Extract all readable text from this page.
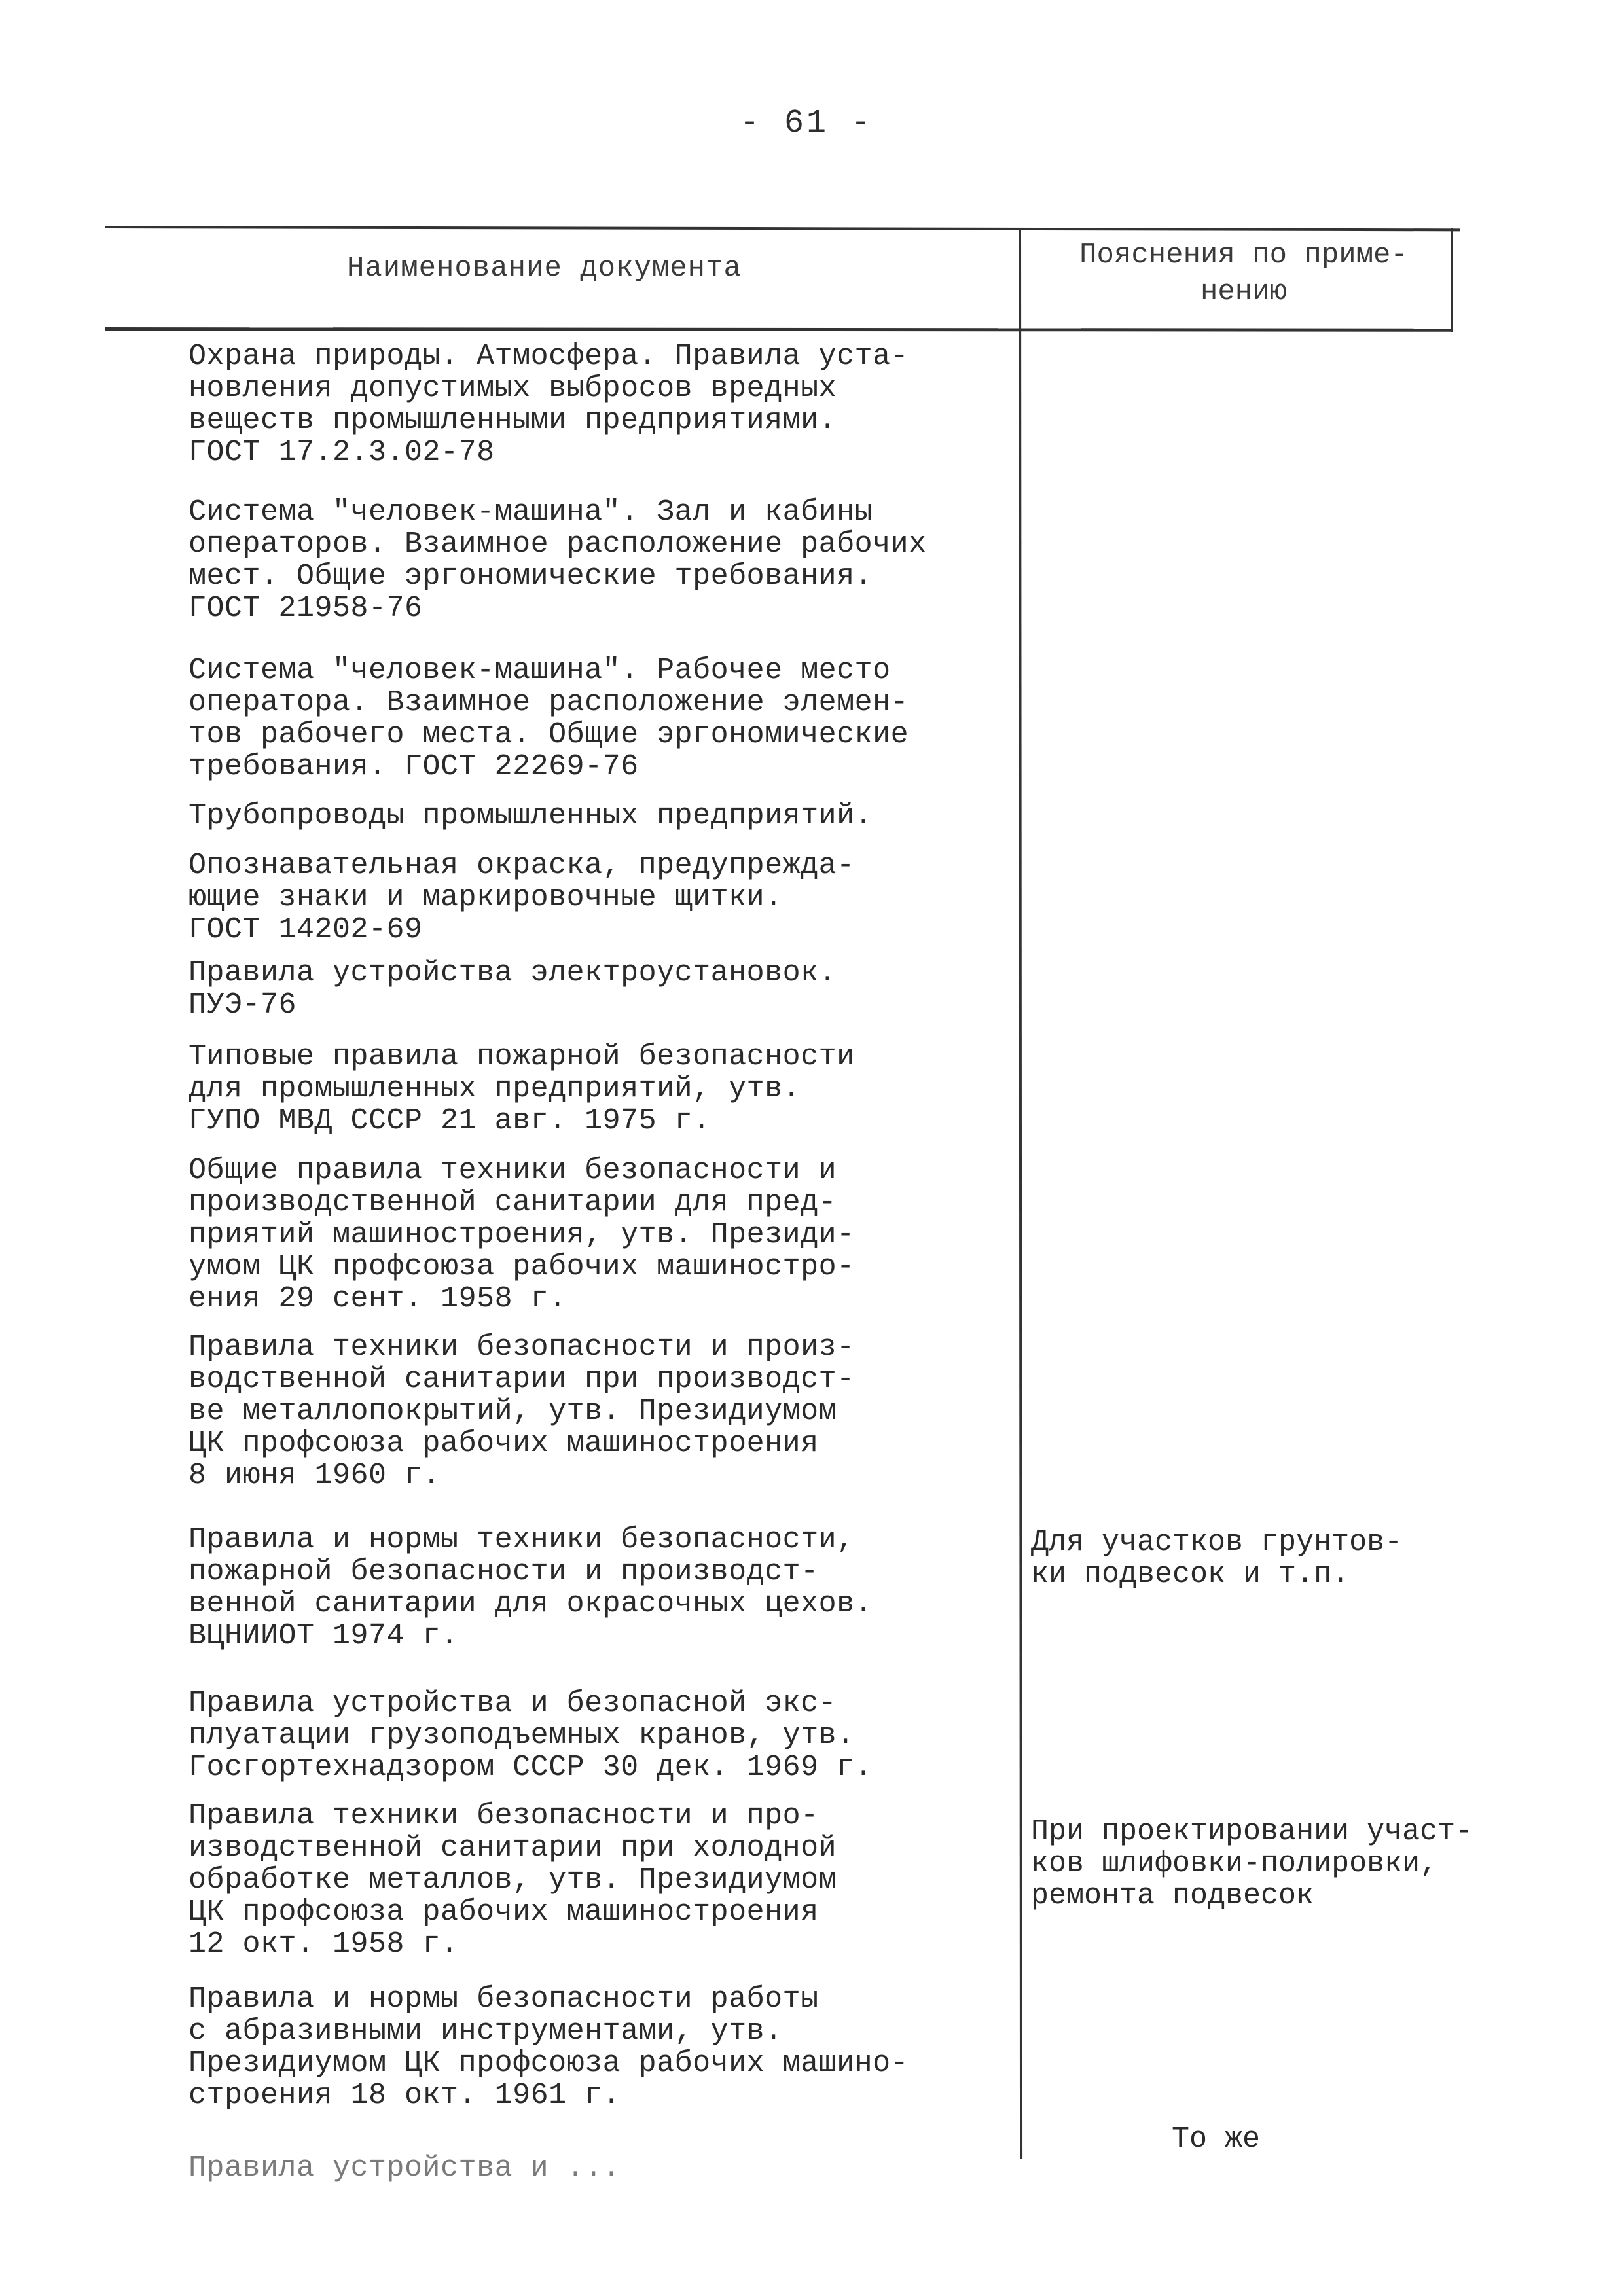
- 61 -
Наименование документа	Пояснения по приме-
нению
Охрана природы. Атмосфера. Правила уста-
новления допустимых выбросов вредных
веществ промышленными предприятиями.
ГОСТ 17.2.3.02-78
Система "человек-машина". Зал и кабины
операторов. Взаимное расположение рабочих
мест. Общие эргономические требования.
ГОСТ 21958-76
Система "человек-машина". Рабочее место
оператора. Взаимное расположение элемен-
тов рабочего места. Общие эргономические
требования. ГОСТ 22269-76
Трубопроводы промышленных предприятий.
Опознавательная окраска, предупрежда-
ющие знаки и маркировочные щитки.
ГОСТ 14202-69
Правила устройства электроустановок.
ПУЭ-76
Типовые правила пожарной безопасности
для промышленных предприятий, утв.
ГУПО МВД СССР 21 авг. 1975 г.
Общие правила техники безопасности и
производственной санитарии для пред-
приятий машиностроения, утв. Президи-
умом ЦК профсоюза рабочих машиностро-
ения 29 сент. 1958 г.
Правила техники безопасности и произ-
водственной санитарии при производст-
ве металлопокрытий, утв. Президиумом
ЦК профсоюза рабочих машиностроения
8 июня 1960 г.
Правила и нормы техники безопасности,
пожарной безопасности и производст-
венной санитарии для окрасочных цехов.
ВЦНИИОТ 1974 г.
Для участков грунтов-
ки подвесок и т.п.
Правила устройства и безопасной экс-
плуатации грузоподъемных кранов, утв.
Госгортехнадзором СССР 30 дек. 1969 г.
Правила техники безопасности и про-
изводственной санитарии при холодной
обработке металлов, утв. Президиумом
ЦК профсоюза рабочих машиностроения
12 окт. 1958 г.
При проектировании участ-
ков шлифовки-полировки,
ремонта подвесок
Правила и нормы безопасности работы
с абразивными инструментами, утв.
Президиумом ЦК профсоюза рабочих машино-
строения 18 окт. 1961 г.
То же
Правила устройства и ...
